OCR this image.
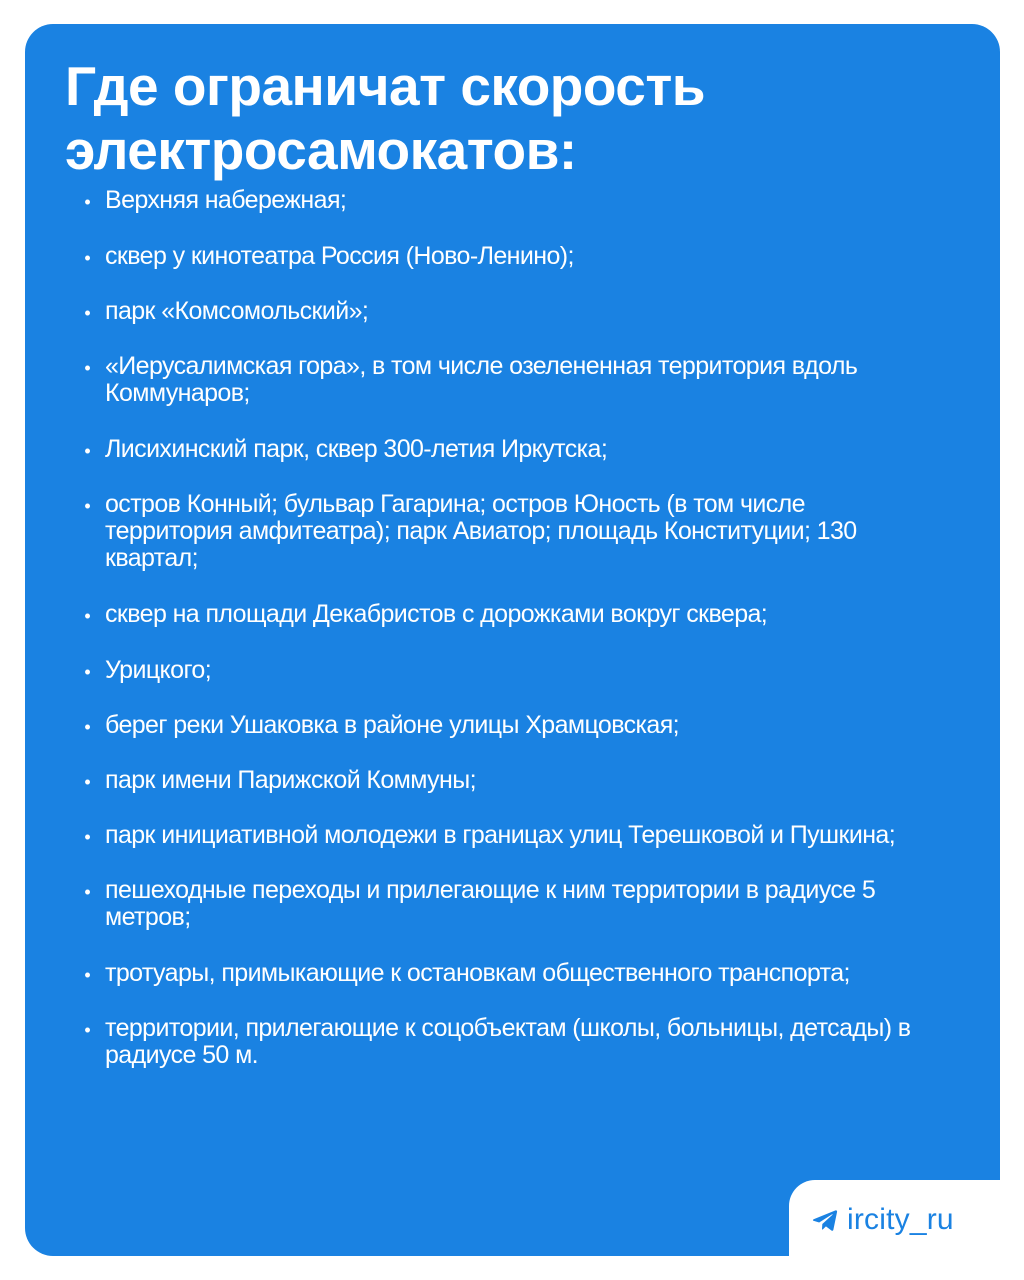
Где ограничат скорость электросамокатов:
• Верхняя набережная;
• сквер у кинотеатра Россия (Ново-Ленино);
• парк «Комсомольский»;
• «Иерусалимская гора», в том числе озелененная территория вдоль Коммунаров;
• Лисихинский парк, сквер 300-летия Иркутска;
• остров Конный; бульвар Гагарина; остров Юность (в том числе территория амфитеатра); парк Авиатор; площадь Конституции; 130 квартал;
• сквер на площади Декабристов с дорожками вокруг сквера;
• Урицкого;
• берег реки Ушаковка в районе улицы Храмцовская;
• парк имени Парижской Коммуны;
• парк инициативной молодежи в границах улиц Терешковой и Пушкина;
• пешеходные переходы и прилегающие к ним территории в радиусе 5 метров;
• тротуары, примыкающие к остановкам общественного транспорта;
• территории, прилегающие к соцобъектам (школы, больницы, детсады) в радиусе 50 м.
ircity_ru
